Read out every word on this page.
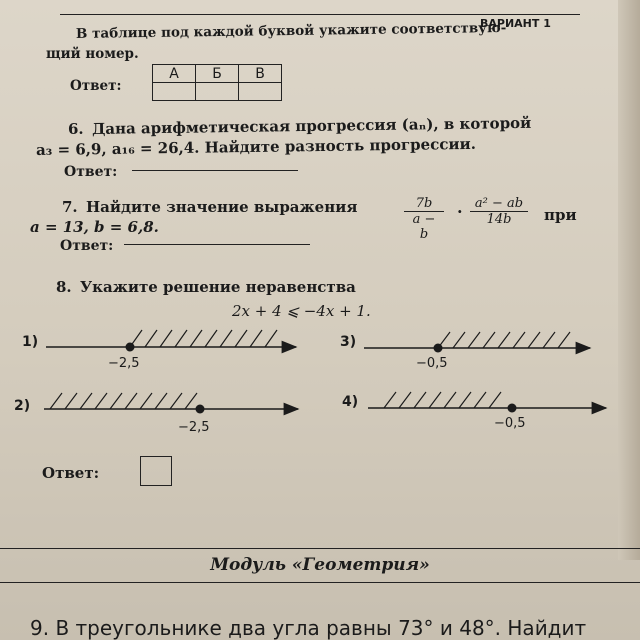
ВАРИАНТ 1
В таблице под каждой буквой укажите соответствую-
щий номер.
Ответ:
А	Б	В

6. Дана арифметическая прогрессия (aₙ), в которой
a₃ = 6,9, a₁₆ = 26,4. Найдите разность прогрессии.
Ответ:
7. Найдите значение выражения	$\frac{7b}{a - b} \cdot \frac{\text{a² − ab}}{14b}$ при
a = 13, b = 6,8.
Ответ:
8. Укажите решение неравенства
2x + 4 ⩽ −4x + 1.
1)
−2,5
2)
−2,5
3)
−0,5
4)
−0,5
Ответ:
Модуль «Геометрия»
9. В треугольнике два угла равны 73° и 48°. Найдит
